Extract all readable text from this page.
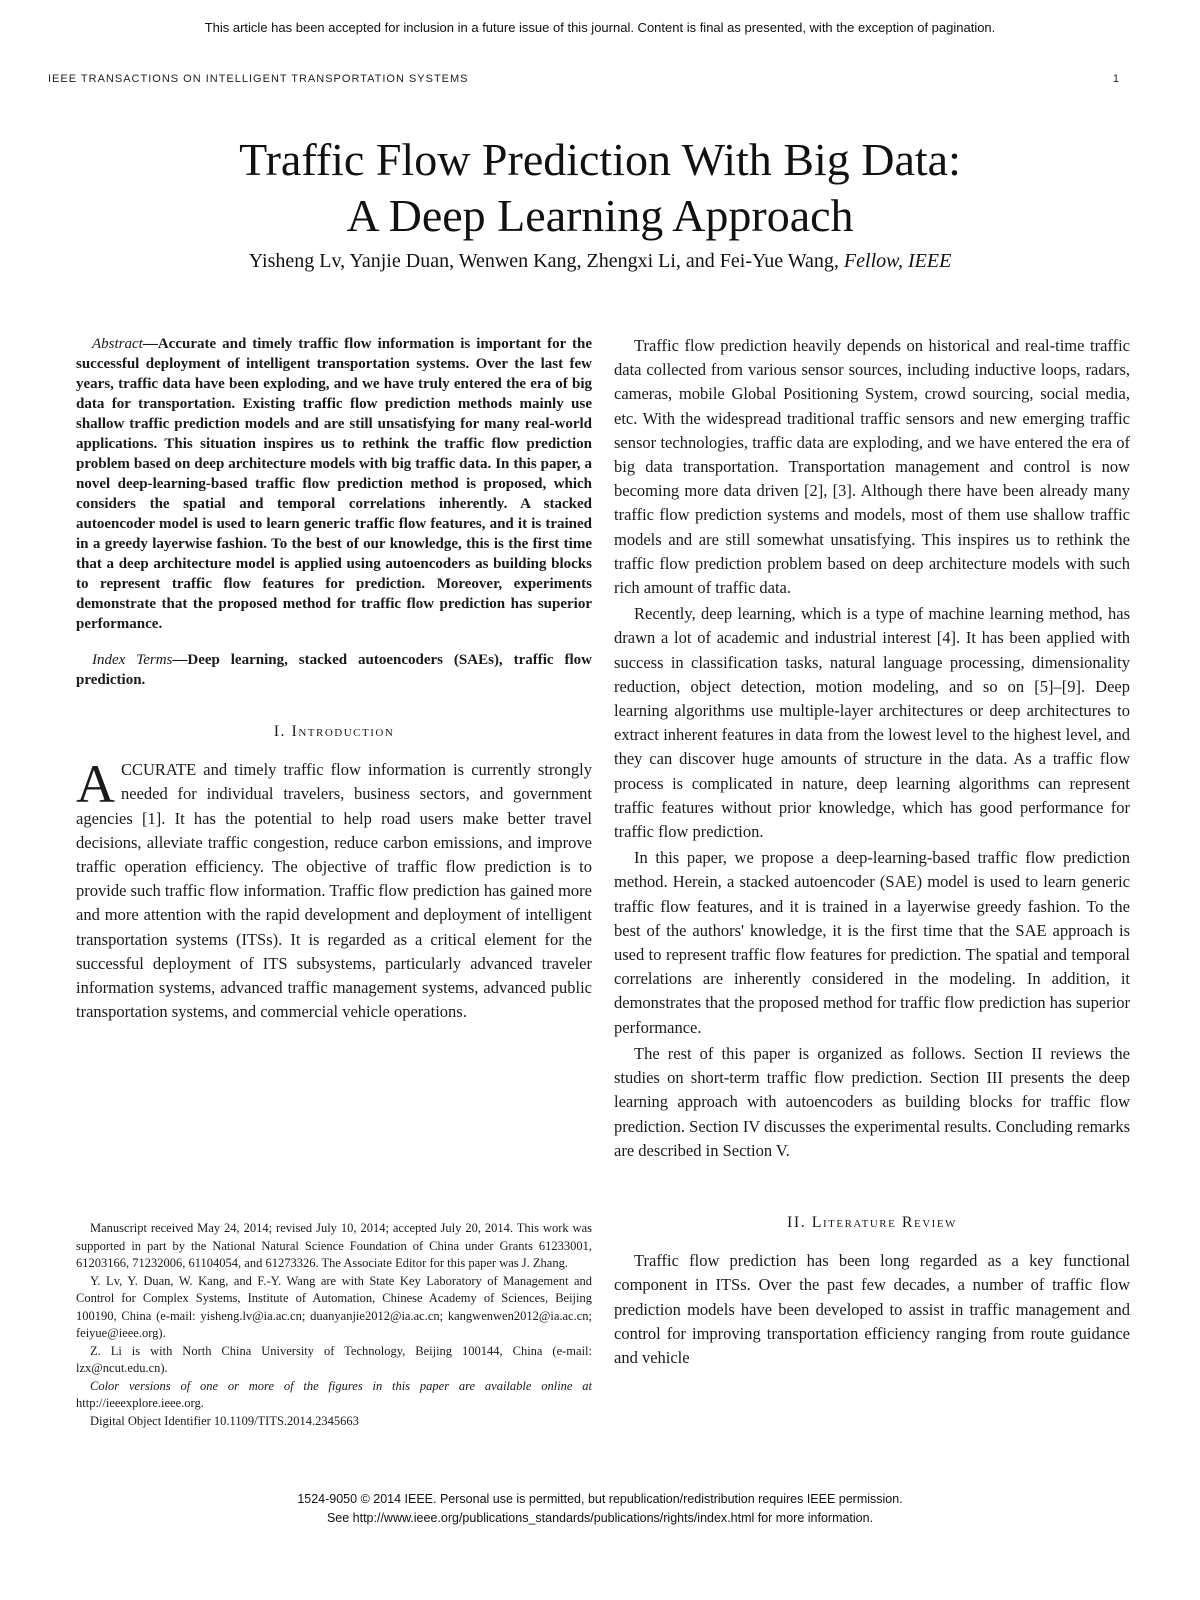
This article has been accepted for inclusion in a future issue of this journal. Content is final as presented, with the exception of pagination.
IEEE TRANSACTIONS ON INTELLIGENT TRANSPORTATION SYSTEMS	1
Traffic Flow Prediction With Big Data:
A Deep Learning Approach
Yisheng Lv, Yanjie Duan, Wenwen Kang, Zhengxi Li, and Fei-Yue Wang, Fellow, IEEE

Abstract—Accurate and timely traffic flow information is important for the successful deployment of intelligent transportation systems. Over the last few years, traffic data have been exploding, and we have truly entered the era of big data for transportation. Existing traffic flow prediction methods mainly use shallow traffic prediction models and are still unsatisfying for many real-world applications. This situation inspires us to rethink the traffic flow prediction problem based on deep architecture models with big traffic data. In this paper, a novel deep-learning-based traffic flow prediction method is proposed, which considers the spatial and temporal correlations inherently. A stacked autoencoder model is used to learn generic traffic flow features, and it is trained in a greedy layerwise fashion. To the best of our knowledge, this is the first time that a deep architecture model is applied using autoencoders as building blocks to represent traffic flow features for prediction. Moreover, experiments demonstrate that the proposed method for traffic flow prediction has superior performance.

Index Terms—Deep learning, stacked autoencoders (SAEs), traffic flow prediction.

I. Introduction

ACCURATE and timely traffic flow information is currently strongly needed for individual travelers, business sectors, and government agencies [1]. It has the potential to help road users make better travel decisions, alleviate traffic congestion, reduce carbon emissions, and improve traffic operation efficiency. The objective of traffic flow prediction is to provide such traffic flow information. Traffic flow prediction has gained more and more attention with the rapid development and deployment of intelligent transportation systems (ITSs). It is regarded as a critical element for the successful deployment of ITS subsystems, particularly advanced traveler information systems, advanced traffic management systems, advanced public transportation systems, and commercial vehicle operations.

Manuscript received May 24, 2014; revised July 10, 2014; accepted July 20, 2014. This work was supported in part by the National Natural Science Foundation of China under Grants 61233001, 61203166, 71232006, 61104054, and 61273326. The Associate Editor for this paper was J. Zhang.

Y. Lv, Y. Duan, W. Kang, and F.-Y. Wang are with State Key Laboratory of Management and Control for Complex Systems, Institute of Automation, Chinese Academy of Sciences, Beijing 100190, China (e-mail: yisheng.lv@ia.ac.cn; duanyanjie2012@ia.ac.cn; kangwenwen2012@ia.ac.cn; feiyue@ieee.org).

Z. Li is with North China University of Technology, Beijing 100144, China (e-mail: lzx@ncut.edu.cn).

Color versions of one or more of the figures in this paper are available online at http://ieeexplore.ieee.org.

Digital Object Identifier 10.1109/TITS.2014.2345663

Traffic flow prediction heavily depends on historical and real-time traffic data collected from various sensor sources, including inductive loops, radars, cameras, mobile Global Positioning System, crowd sourcing, social media, etc. With the widespread traditional traffic sensors and new emerging traffic sensor technologies, traffic data are exploding, and we have entered the era of big data transportation. Transportation management and control is now becoming more data driven [2], [3]. Although there have been already many traffic flow prediction systems and models, most of them use shallow traffic models and are still somewhat unsatisfying. This inspires us to rethink the traffic flow prediction problem based on deep architecture models with such rich amount of traffic data.

Recently, deep learning, which is a type of machine learning method, has drawn a lot of academic and industrial interest [4]. It has been applied with success in classification tasks, natural language processing, dimensionality reduction, object detection, motion modeling, and so on [5]–[9]. Deep learning algorithms use multiple-layer architectures or deep architectures to extract inherent features in data from the lowest level to the highest level, and they can discover huge amounts of structure in the data. As a traffic flow process is complicated in nature, deep learning algorithms can represent traffic features without prior knowledge, which has good performance for traffic flow prediction.

In this paper, we propose a deep-learning-based traffic flow prediction method. Herein, a stacked autoencoder (SAE) model is used to learn generic traffic flow features, and it is trained in a layerwise greedy fashion. To the best of the authors' knowledge, it is the first time that the SAE approach is used to represent traffic flow features for prediction. The spatial and temporal correlations are inherently considered in the modeling. In addition, it demonstrates that the proposed method for traffic flow prediction has superior performance.

The rest of this paper is organized as follows. Section II reviews the studies on short-term traffic flow prediction. Section III presents the deep learning approach with autoencoders as building blocks for traffic flow prediction. Section IV discusses the experimental results. Concluding remarks are described in Section V.

II. Literature Review

Traffic flow prediction has been long regarded as a key functional component in ITSs. Over the past few decades, a number of traffic flow prediction models have been developed to assist in traffic management and control for improving transportation efficiency ranging from route guidance and vehicle

1524-9050 © 2014 IEEE. Personal use is permitted, but republication/redistribution requires IEEE permission.
See http://www.ieee.org/publications_standards/publications/rights/index.html for more information.
